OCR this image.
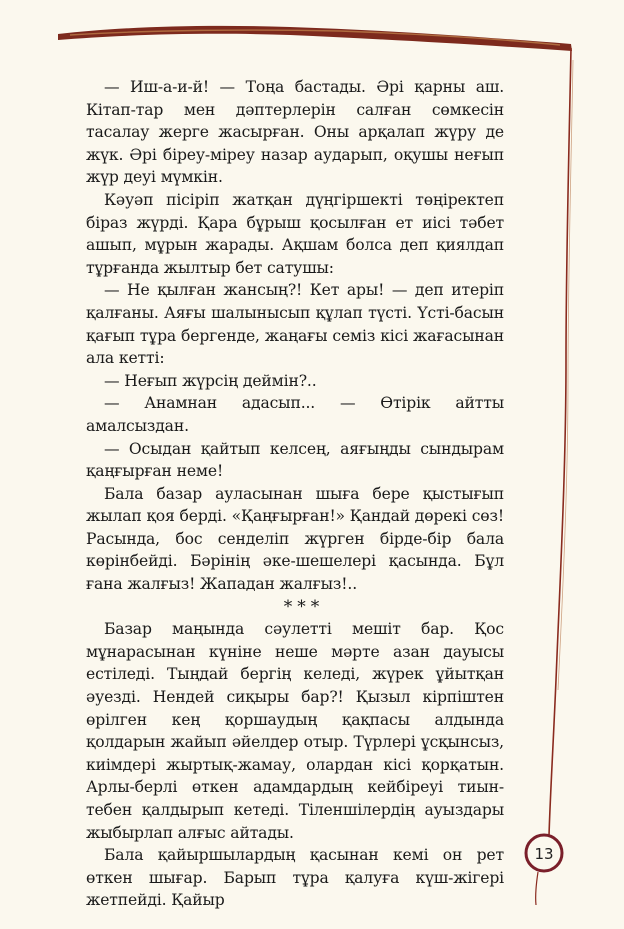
— Иш-а-и-й! — Тоңа бастады. Әрі қарны аш. Кітап-тар мен дәптерлерін салған сөмкесін тасалау жерге жасырған. Оны арқалап жүру де жүк. Әрі біреу-міреу назар аударып, оқушы неғып жүр деуі мүмкін.

Кәуәп пісіріп жатқан дүңгіршекті төңіректеп біраз жүрді. Қара бұрыш қосылған ет иісі тәбет ашып, мұрын жарады. Ақшам болса деп қиялдап тұрғанда жылтыр бет сатушы:

— Не қылған жансың?! Кет ары! — деп итеріп қалғаны. Аяғы шалынысып құлап түсті. Үсті-басын қағып тұра бергенде, жаңағы семіз кісі жағасынан ала кетті:

— Неғып жүрсің деймін?..

— Анамнан адасып... — Өтірік айтты амалсыздан.

— Осыдан қайтып келсең, аяғыңды сындырам қаңғырған неме!

Бала базар ауласынан шыға бере қыстығып жылап қоя берді. «Қаңғырған!» Қандай дөрекі сөз! Расында, бос сенделіп жүрген бірде-бір бала көрінбейді. Бәрінің әке-шешелері қасында. Бұл ғана жалғыз! Жападан жалғыз!..

***

Базар маңында сәулетті мешіт бар. Қос мұнарасынан күніне неше мәрте азан дауысы естіледі. Тыңдай бергің келеді, жүрек ұйытқан әуезді. Нендей сиқыры бар?! Қызыл кірпіштен өрілген кең қоршаудың қақпасы алдында қолдарын жайып әйелдер отыр. Түрлері ұсқынсыз, киімдері жыртық-жамау, олардан кісі қорқатын. Арлы-берлі өткен адамдардың кейбіреуі тиын-тебен қалдырып кетеді. Тіленшілердің ауыздары жыбырлап алғыс айтады.

Бала қайыршылардың қасынан кемі он рет өткен шығар. Барып тұра қалуға күш-жігері жетпейді. Қайыр

13
